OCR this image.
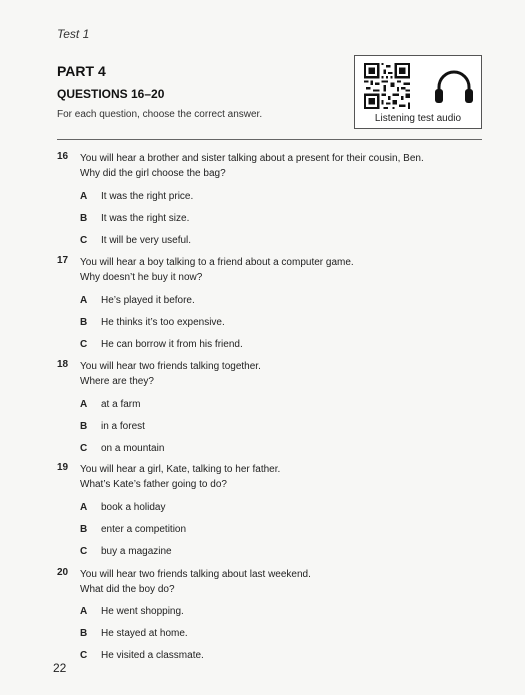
Test 1
PART 4
QUESTIONS 16–20
For each question, choose the correct answer.	Listening test audio
16 You will hear a brother and sister talking about a present for their cousin, Ben.
Why did the girl choose the bag?
A It was the right price.
B It was the right size.
C It will be very useful.
17 You will hear a boy talking to a friend about a computer game.
Why doesn’t he buy it now?
A He’s played it before.
B He thinks it’s too expensive.
C He can borrow it from his friend.
18 You will hear two friends talking together.
Where are they?
A at a farm
B in a forest
C on a mountain
19 You will hear a girl, Kate, talking to her father.
What’s Kate’s father going to do?
A book a holiday
B enter a competition
C buy a magazine
20 You will hear two friends talking about last weekend.
What did the boy do?
A He went shopping.
B He stayed at home.
C He visited a classmate.
22
